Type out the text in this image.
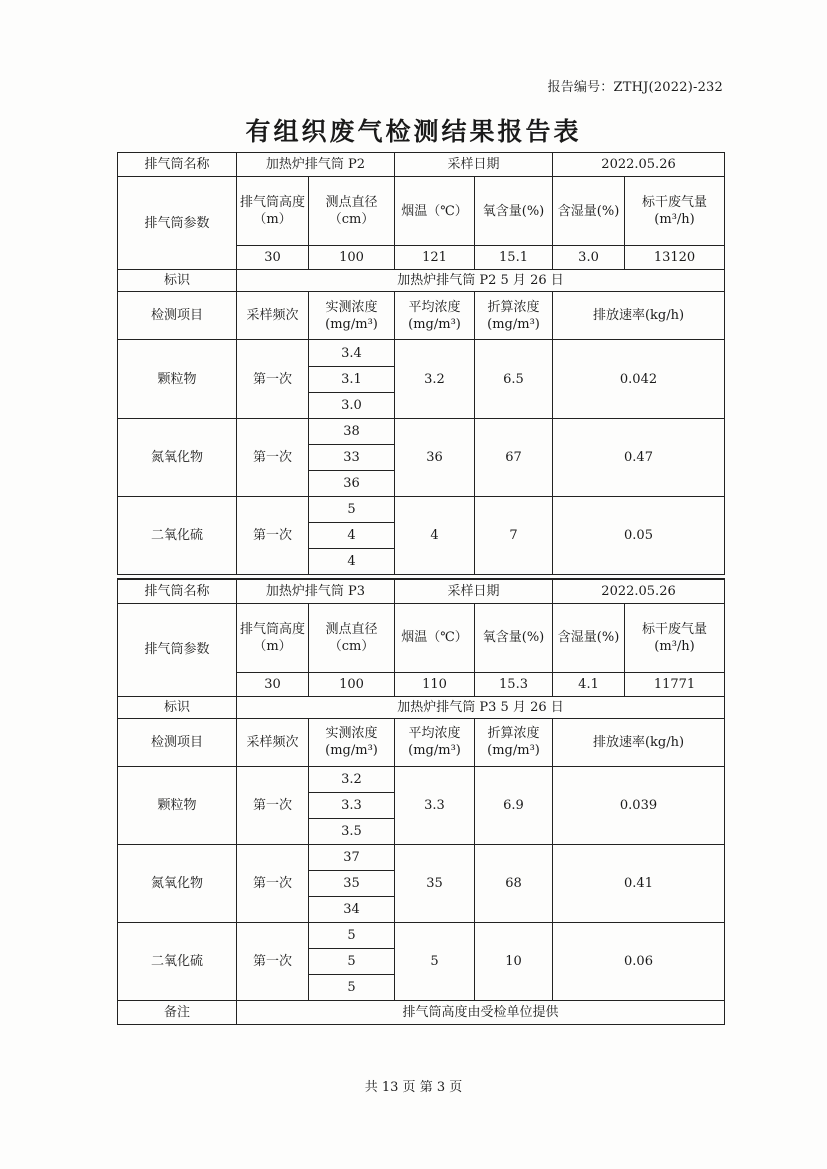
报告编号：ZTHJ(2022)-232
有组织废气检测结果报告表
排气筒名称	加热炉排气筒 P2		采样日期		2022.05.26	
排气筒参数	排气筒高度（m）	测点直径（cm）	烟温（℃）	氧含量(%)	含湿量(%)	标干废气量(m³/h)
	30	100	121	15.1	3.0	13120
标识	加热炉排气筒 P2 5 月 26 日					
检测项目	采样频次	实测浓度(mg/m³)	平均浓度(mg/m³)	折算浓度(mg/m³)	排放速率(kg/h)	
颗粒物	第一次	3.4	3.2	6.5	0.042	
		3.1				
		3.0				
氮氧化物	第一次	38	36	67	0.47	
		33				
		36				
二氧化硫	第一次	5	4	7	0.05	
		4				
		4				
排气筒名称	加热炉排气筒 P3		采样日期		2022.05.26	
排气筒参数	排气筒高度（m）	测点直径（cm）	烟温（℃）	氧含量(%)	含湿量(%)	标干废气量(m³/h)
	30	100	110	15.3	4.1	11771
标识	加热炉排气筒 P3 5 月 26 日					
检测项目	采样频次	实测浓度(mg/m³)	平均浓度(mg/m³)	折算浓度(mg/m³)	排放速率(kg/h)	
颗粒物	第一次	3.2	3.3	6.9	0.039	
		3.3				
		3.5				
氮氧化物	第一次	37	35	68	0.41	
		35				
		34				
二氧化硫	第一次	5	5	10	0.06	
		5				
		5				
备注	排气筒高度由受检单位提供					
共 13 页 第 3 页
